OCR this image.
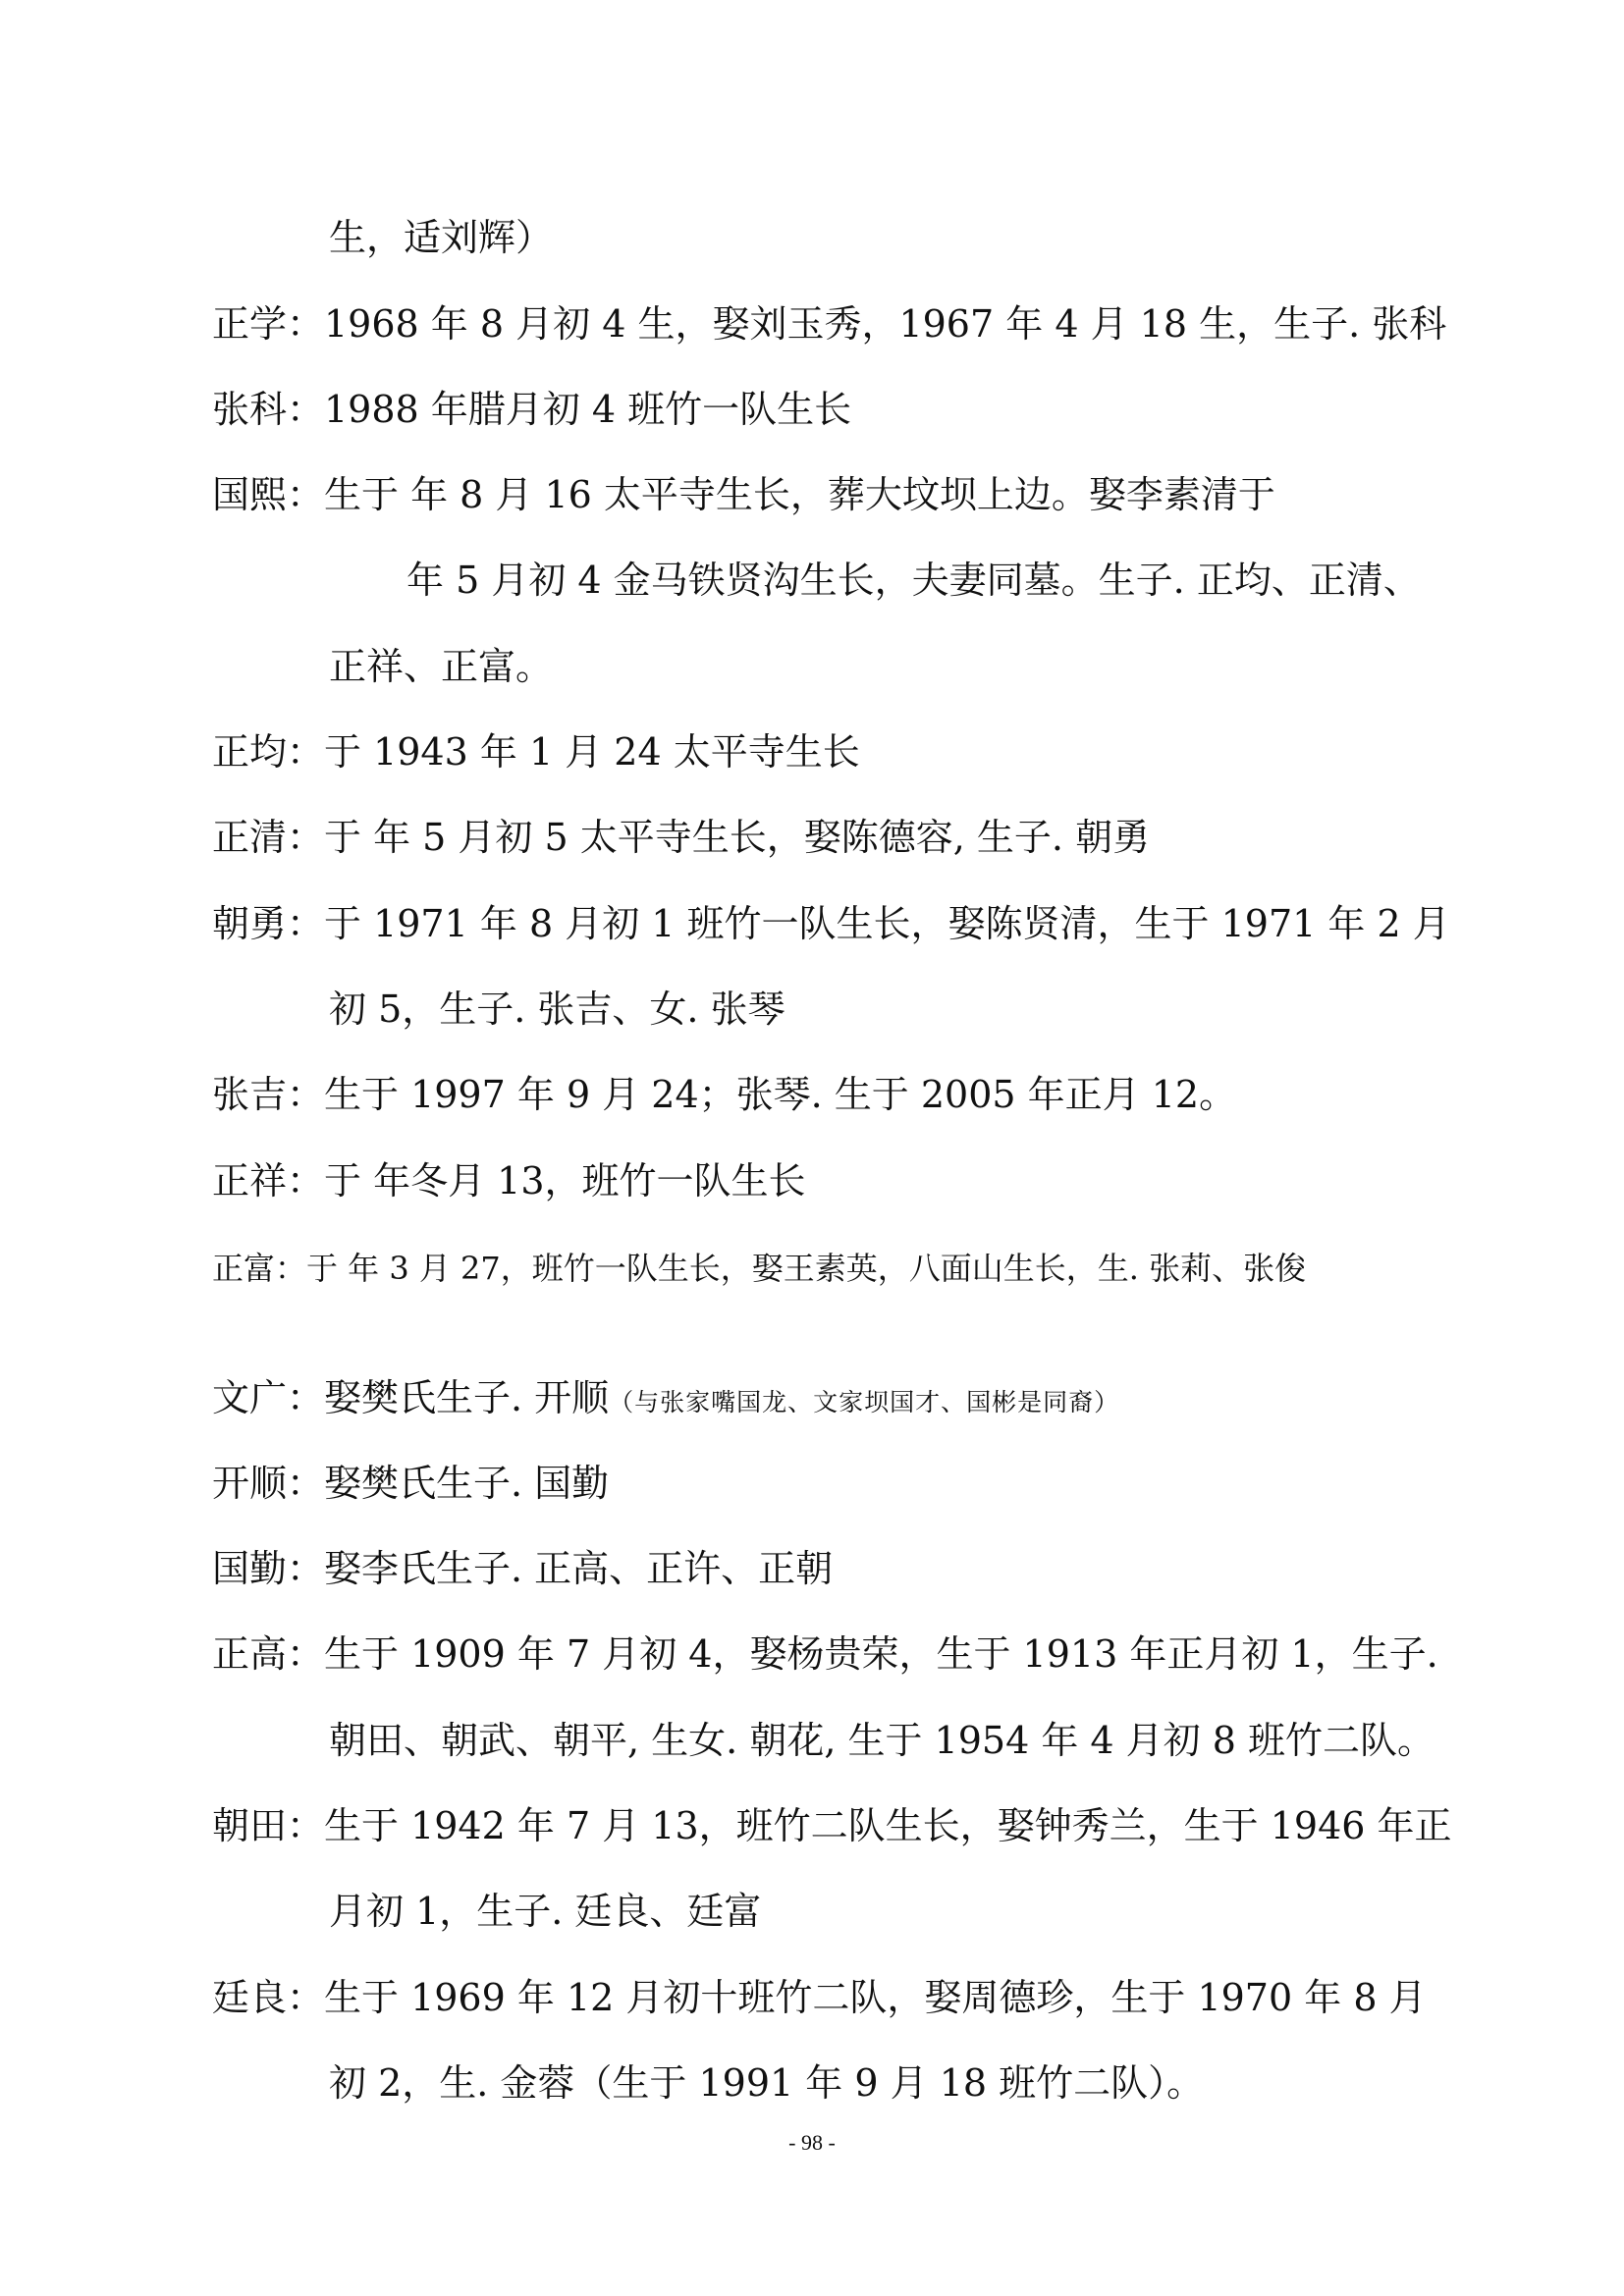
生，适刘辉）
正学：1968 年 8 月初 4 生，娶刘玉秀，1967 年 4 月 18 生，生子. 张科
张科：1988 年腊月初 4 班竹一队生长
国熙：生于 年 8 月 16 太平寺生长，葬大坟坝上边。娶李素清于
年 5 月初 4 金马铁贤沟生长，夫妻同墓。生子. 正均、正清、
正祥、正富。
正均：于 1943 年 1 月 24 太平寺生长
正清：于 年 5 月初 5 太平寺生长，娶陈德容, 生子. 朝勇
朝勇：于 1971 年 8 月初 1 班竹一队生长，娶陈贤清，生于 1971 年 2 月
初 5，生子. 张吉、女. 张琴
张吉：生于 1997 年 9 月 24；张琴. 生于 2005 年正月 12。
正祥：于 年冬月 13，班竹一队生长
正富：于 年 3 月 27，班竹一队生长，娶王素英，八面山生长，生. 张莉、张俊
文广：娶樊氏生子. 开顺（与张家嘴国龙、文家坝国才、国彬是同裔）
开顺：娶樊氏生子. 国勤
国勤：娶李氏生子. 正高、正许、正朝
正高：生于 1909 年 7 月初 4，娶杨贵荣，生于 1913 年正月初 1，生子.
朝田、朝武、朝平, 生女. 朝花, 生于 1954 年 4 月初 8 班竹二队。
朝田：生于 1942 年 7 月 13，班竹二队生长，娶钟秀兰，生于 1946 年正
月初 1，生子. 廷良、廷富
廷良：生于 1969 年 12 月初十班竹二队，娶周德珍，生于 1970 年 8 月
初 2，生. 金蓉（生于 1991 年 9 月 18 班竹二队）。
- 98 -
